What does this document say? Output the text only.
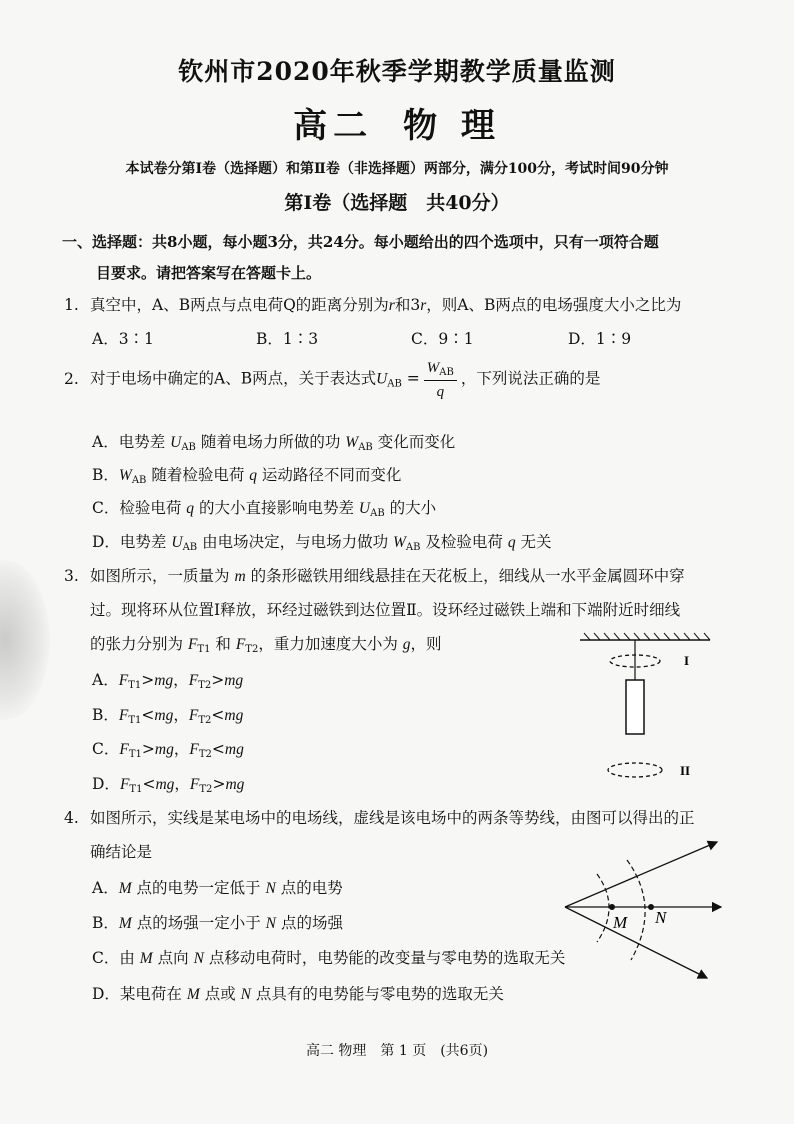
钦州市2020年秋季学期教学质量监测
高二 物 理
本试卷分第Ⅰ卷（选择题）和第Ⅱ卷（非选择题）两部分，满分100分，考试时间90分钟
第Ⅰ卷（选择题　共40分）
一、选择题：共8小题，每小题3分，共24分。每小题给出的四个选项中，只有一项符合题
目要求。请把答案写在答题卡上。
1. 真空中，A、B两点与点电荷Q的距离分别为r和3r，则A、B两点的电场强度大小之比为
A．3∶1	B．1∶3	C．9∶1	D．1∶9
2. 对于电场中确定的A、B两点，关于表达式$U_{AB} = \frac{W_{AB}}{q}$ ，下列说法正确的是
A．电势差 $U_{AB}$ 随着电场力所做的功 $W_{AB}$ 变化而变化
B．$W_{AB}$ 随着检验电荷 q 运动路径不同而变化
C．检验电荷 q 的大小直接影响电势差 $U_{AB}$ 的大小
D．电势差 $U_{AB}$ 由电场决定，与电场力做功 $W_{AB}$ 及检验电荷 q 无关
3. 如图所示，一质量为 m 的条形磁铁用细线悬挂在天花板上，细线从一水平金属圆环中穿
过。现将环从位置Ⅰ释放，环经过磁铁到达位置Ⅱ。设环经过磁铁上端和下端附近时细线
的张力分别为 $F_{T1}$ 和 $F_{T2}$，重力加速度大小为 g，则
A．$F_{T1}>mg$，$F_{T2}>mg$
B．$F_{T1}<mg$，$F_{T2}<mg$
C．$F_{T1}>mg$，$F_{T2}<mg$
D．$F_{T1}<mg$，$F_{T2}>mg$
I
II
4. 如图所示，实线是某电场中的电场线，虚线是该电场中的两条等势线，由图可以得出的正
确结论是
A．M 点的电势一定低于 N 点的电势
B．M 点的场强一定小于 N 点的场强
C．由 M 点向 N 点移动电荷时，电势能的改变量与零电势的选取无关
D．某电荷在 M 点或 N 点具有的电势能与零电势的选取无关
M N
高二 物理　第 1 页　(共6页)
